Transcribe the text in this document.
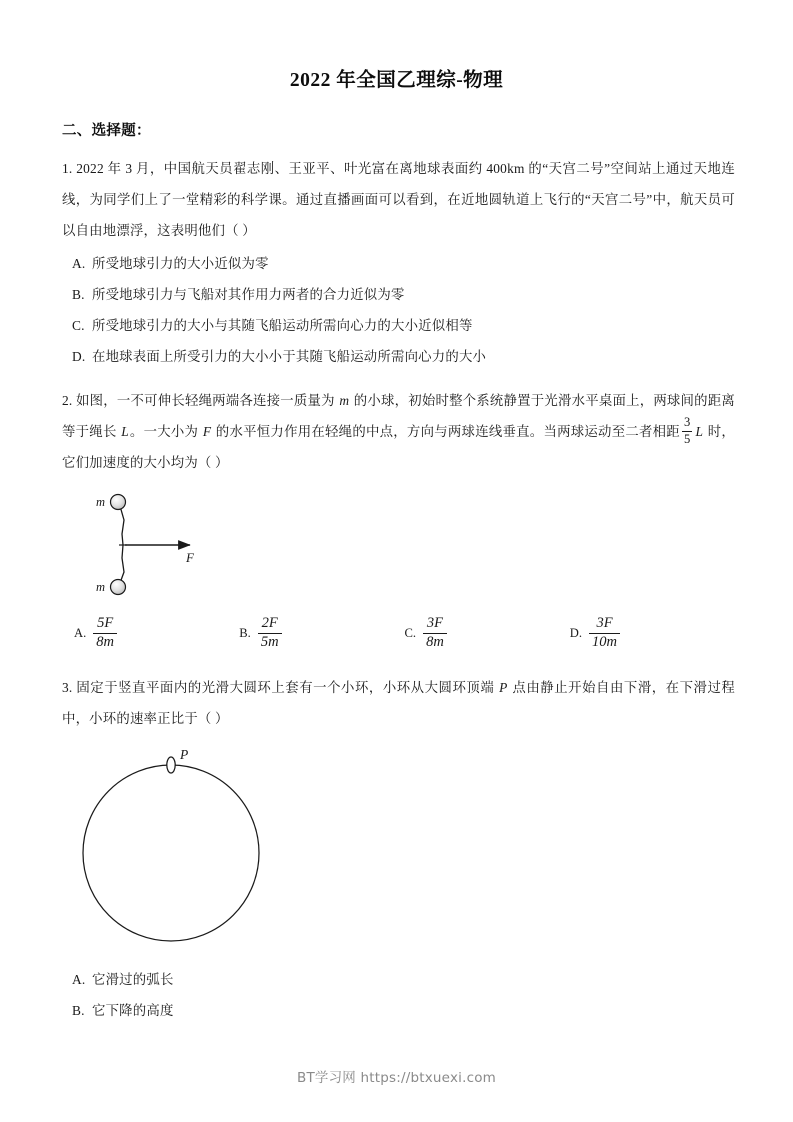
2022 年全国乙理综-物理
二、选择题：
1. 2022 年 3 月，中国航天员翟志刚、王亚平、叶光富在离地球表面约 400km 的“天宫二号”空间站上通过天地连线，为同学们上了一堂精彩的科学课。通过直播画面可以看到，在近地圆轨道上飞行的“天宫二号”中，航天员可以自由地漂浮，这表明他们（ ）
A. 所受地球引力的大小近似为零
B. 所受地球引力与飞船对其作用力两者的合力近似为零
C. 所受地球引力的大小与其随飞船运动所需向心力的大小近似相等
D. 在地球表面上所受引力的大小小于其随飞船运动所需向心力的大小
2. 如图，一不可伸长轻绳两端各连接一质量为 m 的小球，初始时整个系统静置于光滑水平桌面上，两球间的距离等于绳长 L。一大小为 F 的水平恒力作用在轻绳的中点，方向与两球连线垂直。当两球运动至二者相距 $\frac{3}{5}$ L 时，它们加速度的大小均为（ ）
m
m
F
A. $\frac{5F}{8m}$	B. $\frac{2F}{5m}$	C. $\frac{3F}{8m}$	D. $\frac{3F}{10m}$
3. 固定于竖直平面内的光滑大圆环上套有一个小环，小环从大圆环顶端 P 点由静止开始自由下滑，在下滑过程中，小环的速率正比于（ ）
P
A. 它滑过的弧长
B. 它下降的高度
BT学习网 https://btxuexi.com
